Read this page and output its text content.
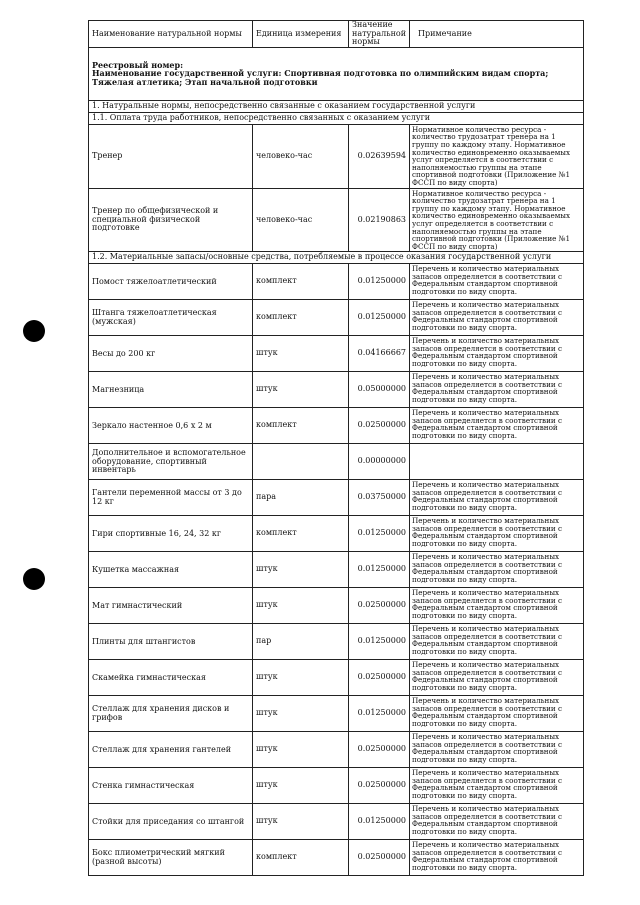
Наименование натуральной нормы	Единица измерения	Значение натуральной нормы	Примечание

Реестровый номер:
Наименование государственной услуги: Спортивная подготовка по олимпийским видам спорта; Тяжелая атлетика; Этап начальной подготовки			

1. Натуральные нормы, непосредственно связанные с оказанием государственной услуги			
1.1. Оплата труда работников, непосредственно связанных с оказанием услуги			
Тренер	человеко-час	0.02639594	Нормативное количество ресурса - количество трудозатрат тренера на 1 группу по каждому этапу. Нормативное количество единовременно оказываемых услуг определяется в соответствии с наполняемостью группы на этапе спортивной подготовки (Приложение №1 ФССП по виду спорта)
Тренер по общефизической и специальной физической подготовке	человеко-час	0.02190863	Нормативное количество ресурса - количество трудозатрат тренера на 1 группу по каждому этапу. Нормативное количество единовременно оказываемых услуг определяется в соответствии с наполняемостью группы на этапе спортивной подготовки (Приложение №1 ФССП по виду спорта)
1.2. Материальные запасы/основные средства, потребляемые в процессе оказания государственной услуги			
Помост тяжелоатлетический	комплект	0.01250000	Перечень и количество материальных запасов определяется в соответствии с Федеральным стандартом спортивной подготовки по виду спорта.
Штанга тяжелоатлетическая (мужская)	комплект	0.01250000	Перечень и количество материальных запасов определяется в соответствии с Федеральным стандартом спортивной подготовки по виду спорта.
Весы до 200 кг	штук	0.04166667	Перечень и количество материальных запасов определяется в соответствии с Федеральным стандартом спортивной подготовки по виду спорта.
Магнезница	штук	0.05000000	Перечень и количество материальных запасов определяется в соответствии с Федеральным стандартом спортивной подготовки по виду спорта.
Зеркало настенное 0,6 х 2 м	комплект	0.02500000	Перечень и количество материальных запасов определяется в соответствии с Федеральным стандартом спортивной подготовки по виду спорта.
Дополнительное и вспомогательное оборудование, спортивный инвентарь		0.00000000	
Гантели переменной массы от 3 до 12 кг	пара	0.03750000	Перечень и количество материальных запасов определяется в соответствии с Федеральным стандартом спортивной подготовки по виду спорта.
Гири спортивные 16, 24, 32 кг	комплект	0.01250000	Перечень и количество материальных запасов определяется в соответствии с Федеральным стандартом спортивной подготовки по виду спорта.
Кушетка массажная	штук	0.01250000	Перечень и количество материальных запасов определяется в соответствии с Федеральным стандартом спортивной подготовки по виду спорта.
Мат гимнастический	штук	0.02500000	Перечень и количество материальных запасов определяется в соответствии с Федеральным стандартом спортивной подготовки по виду спорта.
Плинты для штангистов	пар	0.01250000	Перечень и количество материальных запасов определяется в соответствии с Федеральным стандартом спортивной подготовки по виду спорта.
Скамейка гимнастическая	штук	0.02500000	Перечень и количество материальных запасов определяется в соответствии с Федеральным стандартом спортивной подготовки по виду спорта.
Стеллаж для хранения дисков и грифов	штук	0.01250000	Перечень и количество материальных запасов определяется в соответствии с Федеральным стандартом спортивной подготовки по виду спорта.
Стеллаж для хранения гантелей	штук	0.02500000	Перечень и количество материальных запасов определяется в соответствии с Федеральным стандартом спортивной подготовки по виду спорта.
Стенка гимнастическая	штук	0.02500000	Перечень и количество материальных запасов определяется в соответствии с Федеральным стандартом спортивной подготовки по виду спорта.
Стойки для приседания со штангой	штук	0.01250000	Перечень и количество материальных запасов определяется в соответствии с Федеральным стандартом спортивной подготовки по виду спорта.
Бокс плиометрический мягкий (разной высоты)	комплект	0.02500000	Перечень и количество материальных запасов определяется в соответствии с Федеральным стандартом спортивной подготовки по виду спорта.
